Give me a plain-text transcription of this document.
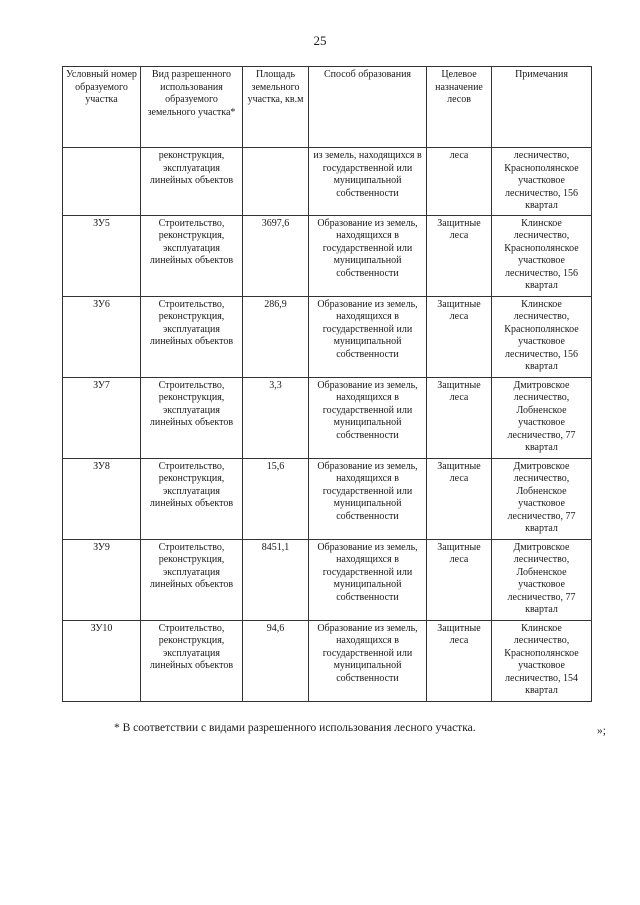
25
Условный номер образуемого участка	Вид разрешенного использования образуемого земельного участка*	Площадь земельного участка, кв.м	Способ образования	Целевое назначение лесов	Примечания
	реконструкция, эксплуатация линейных объектов		из земель, находящихся в государственной или муниципальной собственности	леса	лесничество, Краснополянское участковое лесничество, 156 квартал
ЗУ5	Строительство, реконструкция, эксплуатация линейных объектов	3697,6	Образование из земель, находящихся в государственной или муниципальной собственности	Защитные леса	Клинское лесничество, Краснополянское участковое лесничество, 156 квартал
ЗУ6	Строительство, реконструкция, эксплуатация линейных объектов	286,9	Образование из земель, находящихся в государственной или муниципальной собственности	Защитные леса	Клинское лесничество, Краснополянское участковое лесничество, 156 квартал
ЗУ7	Строительство, реконструкция, эксплуатация линейных объектов	3,3	Образование из земель, находящихся в государственной или муниципальной собственности	Защитные леса	Дмитровское лесничество, Лобненское участковое лесничество, 77 квартал
ЗУ8	Строительство, реконструкция, эксплуатация линейных объектов	15,6	Образование из земель, находящихся в государственной или муниципальной собственности	Защитные леса	Дмитровское лесничество, Лобненское участковое лесничество, 77 квартал
ЗУ9	Строительство, реконструкция, эксплуатация линейных объектов	8451,1	Образование из земель, находящихся в государственной или муниципальной собственности	Защитные леса	Дмитровское лесничество, Лобненское участковое лесничество, 77 квартал
ЗУ10	Строительство, реконструкция, эксплуатация линейных объектов	94,6	Образование из земель, находящихся в государственной или муниципальной собственности	Защитные леса	Клинское лесничество, Краснополянское участковое лесничество, 154 квартал
* В соответствии с видами разрешенного использования лесного участка.	»;
